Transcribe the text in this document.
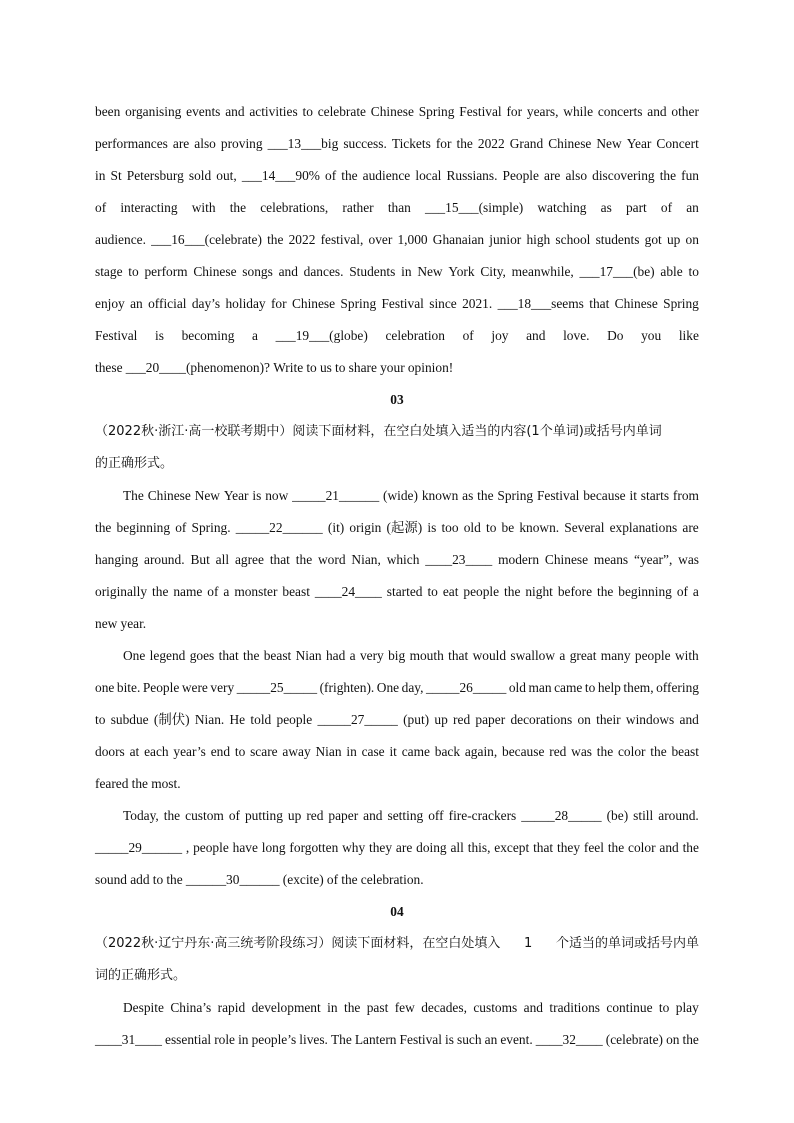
been organising events and activities to celebrate Chinese Spring Festival for years, while concerts and other
performances are also proving ___13___big success. Tickets for the 2022 Grand Chinese New Year Concert
in St Petersburg sold out, ___14___90% of the audience local Russians. People are also discovering the fun
of interacting with the celebrations, rather than ___15___(simple) watching as part of an
audience. ___16___(celebrate) the 2022 festival, over 1,000 Ghanaian junior high school students got up on
stage to perform Chinese songs and dances. Students in New York City, meanwhile, ___17___(be) able to
enjoy an official day’s holiday for Chinese Spring Festival since 2021. ___18___seems that Chinese Spring
Festival is becoming a ___19___(globe) celebration of joy and love. Do you like
these ___20____(phenomenon)? Write to us to share your opinion!
03
（2022秋·浙江·高一校联考期中）阅读下面材料，在空白处填入适当的内容(1个单词)或括号内单词
的正确形式。
The Chinese New Year is now _____21______ (wide) known as the Spring Festival because it starts from
the beginning of Spring. _____22______ (it) origin (起源) is too old to be known. Several explanations are
hanging around. But all agree that the word Nian, which ____23____ modern Chinese means “year”, was
originally the name of a monster beast ____24____ started to eat people the night before the beginning of a
new year.
One legend goes that the beast Nian had a very big mouth that would swallow a great many people with
one bite. People were very _____25_____ (frighten). One day, _____26_____ old man came to help them, offering
to subdue (制伏) Nian. He told people _____27_____ (put) up red paper decorations on their windows and
doors at each year’s end to scare away Nian in case it came back again, because red was the color the beast
feared the most.
Today, the custom of putting up red paper and setting off fire-crackers _____28_____ (be) still around.
_____29______ , people have long forgotten why they are doing all this, except that they feel the color and the
sound add to the ______30______ (excite) of the celebration.
04
（2022秋·辽宁丹东·高三统考阶段练习）阅读下面材料，在空白处填入 1 个适当的单词或括号内单
词的正确形式。
Despite China’s rapid development in the past few decades, customs and traditions continue to play
____31____ essential role in people’s lives. The Lantern Festival is such an event. ____32____ (celebrate) on the
